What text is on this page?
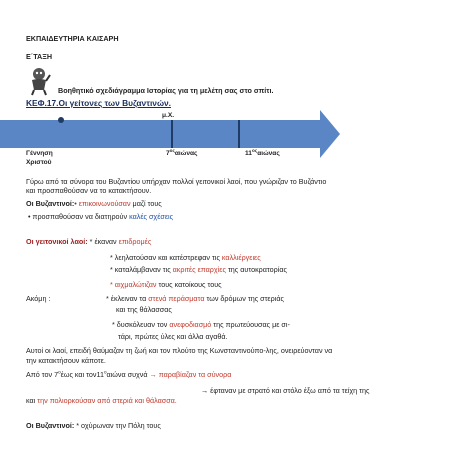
ΕΚΠΑΙΔΕΥΤΗΡΙΑ ΚΑΙΣΑΡΗ
Ε΄ΤΑΞΗ
Βοηθητικό σχεδιάγραμμα Ιστορίας για τη μελέτη σας στο σπίτι.
ΚΕΦ.17.Οι γείτονες των Βυζαντινών.
μ.Χ.
Γέννηση
Χριστού
$7^{o\varsigma}\alpha\iota ώ\nu\alpha\varsigma$	$11^{o\varsigma}\alpha\iota ώ\nu\alpha\varsigma$
Γύρω από τα σύνορα του Βυζαντίου υπήρχαν πολλοί γειτονικοί λαοί, που γνώριζαν το Βυζάντιο
και προσπαθούσαν να το κατακτήσουν.
Οι Βυζαντινοί:• επικοινωνούσαν μαζί τους
• προσπαθούσαν να διατηρούν καλές σχέσεις
Οι γειτονικοί λαοί: * έκαναν επιδρομές
* λεηλατούσαν και κατέστρεφαν τις καλλιέργειες
* καταλάμβαναν τις ακριτές επαρχίες της αυτοκρατορίας
* αιχμαλώτιζαν τους κατοίκους τους
Ακόμη :	* έκλειναν τα στενά περάσματα των δρόμων της στεριάς
και της θάλασσας
* δυσκόλευαν τον ανεφοδιασμό της πρωτεύουσας με σι-
τάρι, πρώτες ύλες και άλλα αγαθά.
Αυτοί οι λαοί, επειδή θαύμαζαν τη ζωή και τον πλούτο της Κωνσταντινούπο-λης, ονειρεύονταν να
την κατακτήσουν κάποτε.
Από τον $7^oέ\omega\varsigma$ και $\tau o\nu 11^o\alpha\iota ώ\nu\alpha$ συχνά → παραβίαζαν τα σύνορα
→ έφταναν με στρατό και στόλο έξω από τα τείχη της
και την πολιορκούσαν από στεριά και θάλασσα.
Οι Βυζαντινοί: * οχύρωναν την Πόλη τους
